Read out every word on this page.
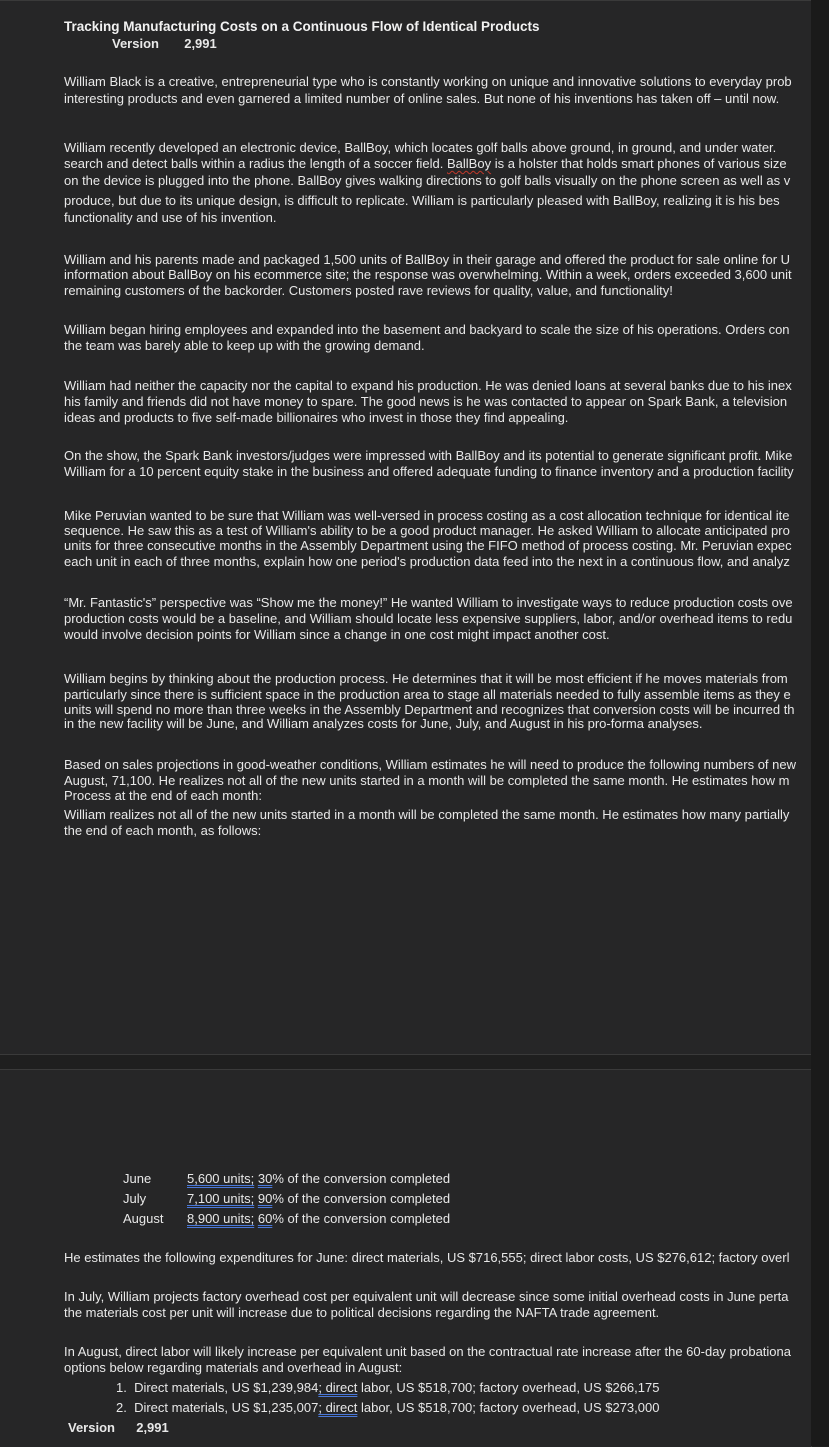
Tracking Manufacturing Costs on a Continuous Flow of Identical Products
Version 2,991
William Black is a creative, entrepreneurial type who is constantly working on unique and innovative solutions to everyday prob
interesting products and even garnered a limited number of online sales. But none of his inventions has taken off – until now.
William recently developed an electronic device, BallBoy, which locates golf balls above ground, in ground, and under water.
search and detect balls within a radius the length of a soccer field. BallBoy is a holster that holds smart phones of various size
on the device is plugged into the phone. BallBoy gives walking directions to golf balls visually on the phone screen as well as v
produce, but due to its unique design, is difficult to replicate. William is particularly pleased with BallBoy, realizing it is his bes
functionality and use of his invention.
William and his parents made and packaged 1,500 units of BallBoy in their garage and offered the product for sale online for U
information about BallBoy on his ecommerce site; the response was overwhelming. Within a week, orders exceeded 3,600 unit
remaining customers of the backorder. Customers posted rave reviews for quality, value, and functionality!
William began hiring employees and expanded into the basement and backyard to scale the size of his operations. Orders con
the team was barely able to keep up with the growing demand.
William had neither the capacity nor the capital to expand his production. He was denied loans at several banks due to his inex
his family and friends did not have money to spare. The good news is he was contacted to appear on Spark Bank, a television
ideas and products to five self-made billionaires who invest in those they find appealing.
On the show, the Spark Bank investors/judges were impressed with BallBoy and its potential to generate significant profit. Mike
William for a 10 percent equity stake in the business and offered adequate funding to finance inventory and a production facility
Mike Peruvian wanted to be sure that William was well-versed in process costing as a cost allocation technique for identical ite
sequence. He saw this as a test of William's ability to be a good product manager. He asked William to allocate anticipated pro
units for three consecutive months in the Assembly Department using the FIFO method of process costing. Mr. Peruvian expec
each unit in each of three months, explain how one period's production data feed into the next in a continuous flow, and analyz
“Mr. Fantastic's” perspective was “Show me the money!” He wanted William to investigate ways to reduce production costs ove
production costs would be a baseline, and William should locate less expensive suppliers, labor, and/or overhead items to redu
would involve decision points for William since a change in one cost might impact another cost.
William begins by thinking about the production process. He determines that it will be most efficient if he moves materials from
particularly since there is sufficient space in the production area to stage all materials needed to fully assemble items as they e
units will spend no more than three weeks in the Assembly Department and recognizes that conversion costs will be incurred th
in the new facility will be June, and William analyzes costs for June, July, and August in his pro-forma analyses.
Based on sales projections in good-weather conditions, William estimates he will need to produce the following numbers of new
August, 71,100. He realizes not all of the new units started in a month will be completed the same month. He estimates how m
Process at the end of each month:
William realizes not all of the new units started in a month will be completed the same month. He estimates how many partially
the end of each month, as follows:
June	5,600 units; 30% of the conversion completed
July	7,100 units; 90% of the conversion completed
August 8,900 units; 60% of the conversion completed
He estimates the following expenditures for June: direct materials, US $716,555; direct labor costs, US $276,612; factory overl
In July, William projects factory overhead cost per equivalent unit will decrease since some initial overhead costs in June perta
the materials cost per unit will increase due to political decisions regarding the NAFTA trade agreement.
In August, direct labor will likely increase per equivalent unit based on the contractual rate increase after the 60-day probationa
options below regarding materials and overhead in August:
1. Direct materials, US $1,239,984; direct labor, US $518,700; factory overhead, US $266,175
2. Direct materials, US $1,235,007; direct labor, US $518,700; factory overhead, US $273,000
Version 2,991
